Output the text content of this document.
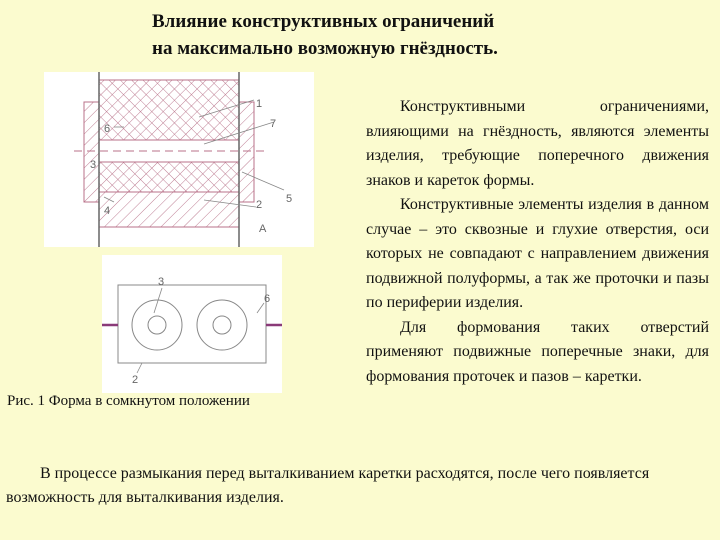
Влияние конструктивных ограничений
на максимально возможную гнёздность.
1
7
6
3
2 5
4
A
3
6
2
Рис. 1 Форма в сомкнутом положении

Конструктивными ограничениями, влияющими на гнёздность, являются элементы изделия, требующие поперечного движения знаков и кареток формы.

Конструктивные элементы изделия в данном случае – это сквозные и глухие отверстия, оси которых не совпадают с направлением движения подвижной полуформы, а так же проточки и пазы по периферии изделия.

Для формования таких отверстий применяют подвижные поперечные знаки, для формования проточек и пазов – каретки.

В процессе размыкания перед выталкиванием каретки расходятся, после чего появляется возможность для выталкивания изделия.
